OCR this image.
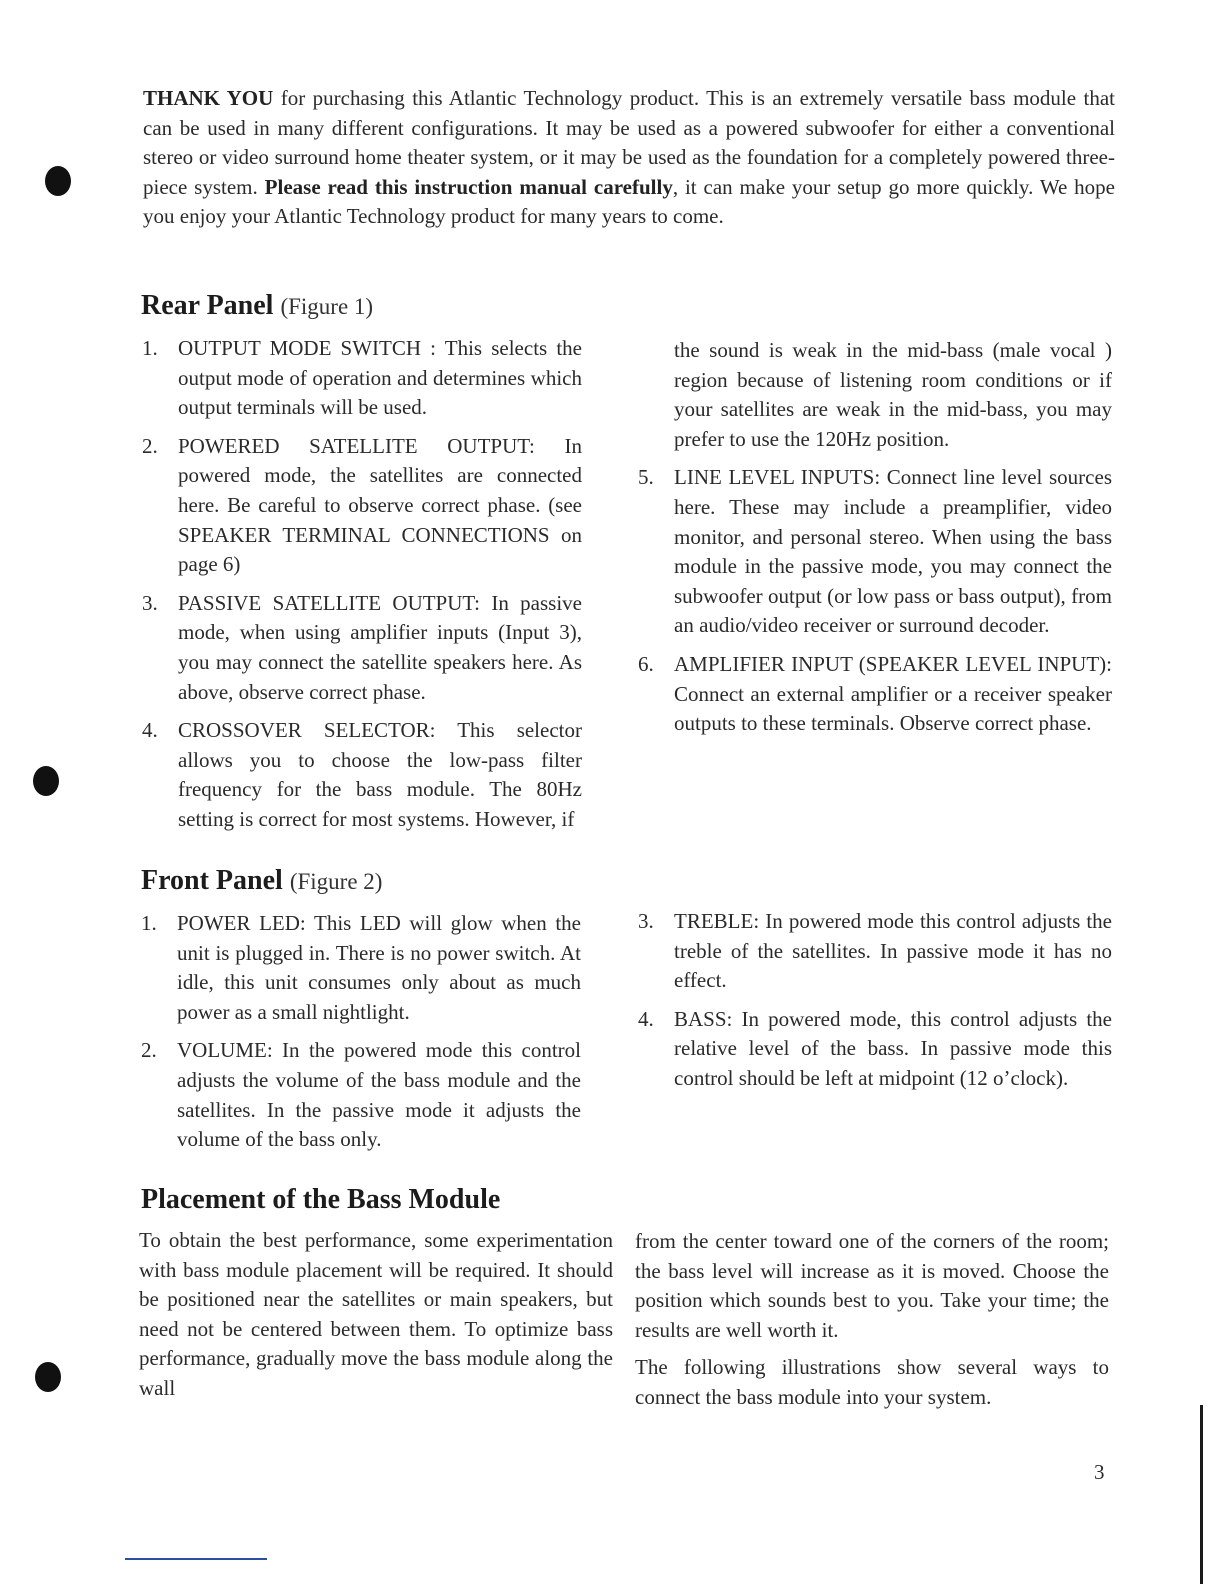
THANK YOU for purchasing this Atlantic Technology product. This is an extremely versatile bass module that can be used in many different configurations. It may be used as a powered subwoofer for either a conventional stereo or video surround home theater system, or it may be used as the foundation for a completely powered three-piece system. Please read this instruction manual carefully, it can make your setup go more quickly. We hope you enjoy your Atlantic Technology product for many years to come.

Rear Panel (Figure 1)
1. OUTPUT MODE SWITCH : This selects the output mode of operation and determines which output terminals will be used.
2. POWERED SATELLITE OUTPUT: In powered mode, the satellites are connected here. Be careful to observe correct phase. (see SPEAKER TERMINAL CONNECTIONS on page 6)
3. PASSIVE SATELLITE OUTPUT: In passive mode, when using amplifier inputs (Input 3), you may connect the satellite speakers here. As above, observe correct phase.
4. CROSSOVER SELECTOR: This selector allows you to choose the low-pass filter frequency for the bass module. The 80Hz setting is correct for most systems. However, if

the sound is weak in the mid-bass (male vocal ) region because of listening room conditions or if your satellites are weak in the mid-bass, you may prefer to use the 120Hz position.

5. LINE LEVEL INPUTS: Connect line level sources here. These may include a preamplifier, video monitor, and personal stereo. When using the bass module in the passive mode, you may connect the subwoofer output (or low pass or bass output), from an audio/video receiver or surround decoder.
6. AMPLIFIER INPUT (SPEAKER LEVEL INPUT): Connect an external amplifier or a receiver speaker outputs to these terminals. Observe correct phase.
Front Panel (Figure 2)
1. POWER LED: This LED will glow when the unit is plugged in. There is no power switch. At idle, this unit consumes only about as much power as a small nightlight.
2. VOLUME: In the powered mode this control adjusts the volume of the bass module and the satellites. In the passive mode it adjusts the volume of the bass only.
3. TREBLE: In powered mode this control adjusts the treble of the satellites. In passive mode it has no effect.
4. BASS: In powered mode, this control adjusts the relative level of the bass. In passive mode this control should be left at midpoint (12 o’clock).
Placement of the Bass Module

To obtain the best performance, some experimentation with bass module placement will be required. It should be positioned near the satellites or main speakers, but need not be centered between them. To optimize bass performance, gradually move the bass module along the wall

from the center toward one of the corners of the room; the bass level will increase as it is moved. Choose the position which sounds best to you. Take your time; the results are well worth it.

The following illustrations show several ways to connect the bass module into your system.

3
